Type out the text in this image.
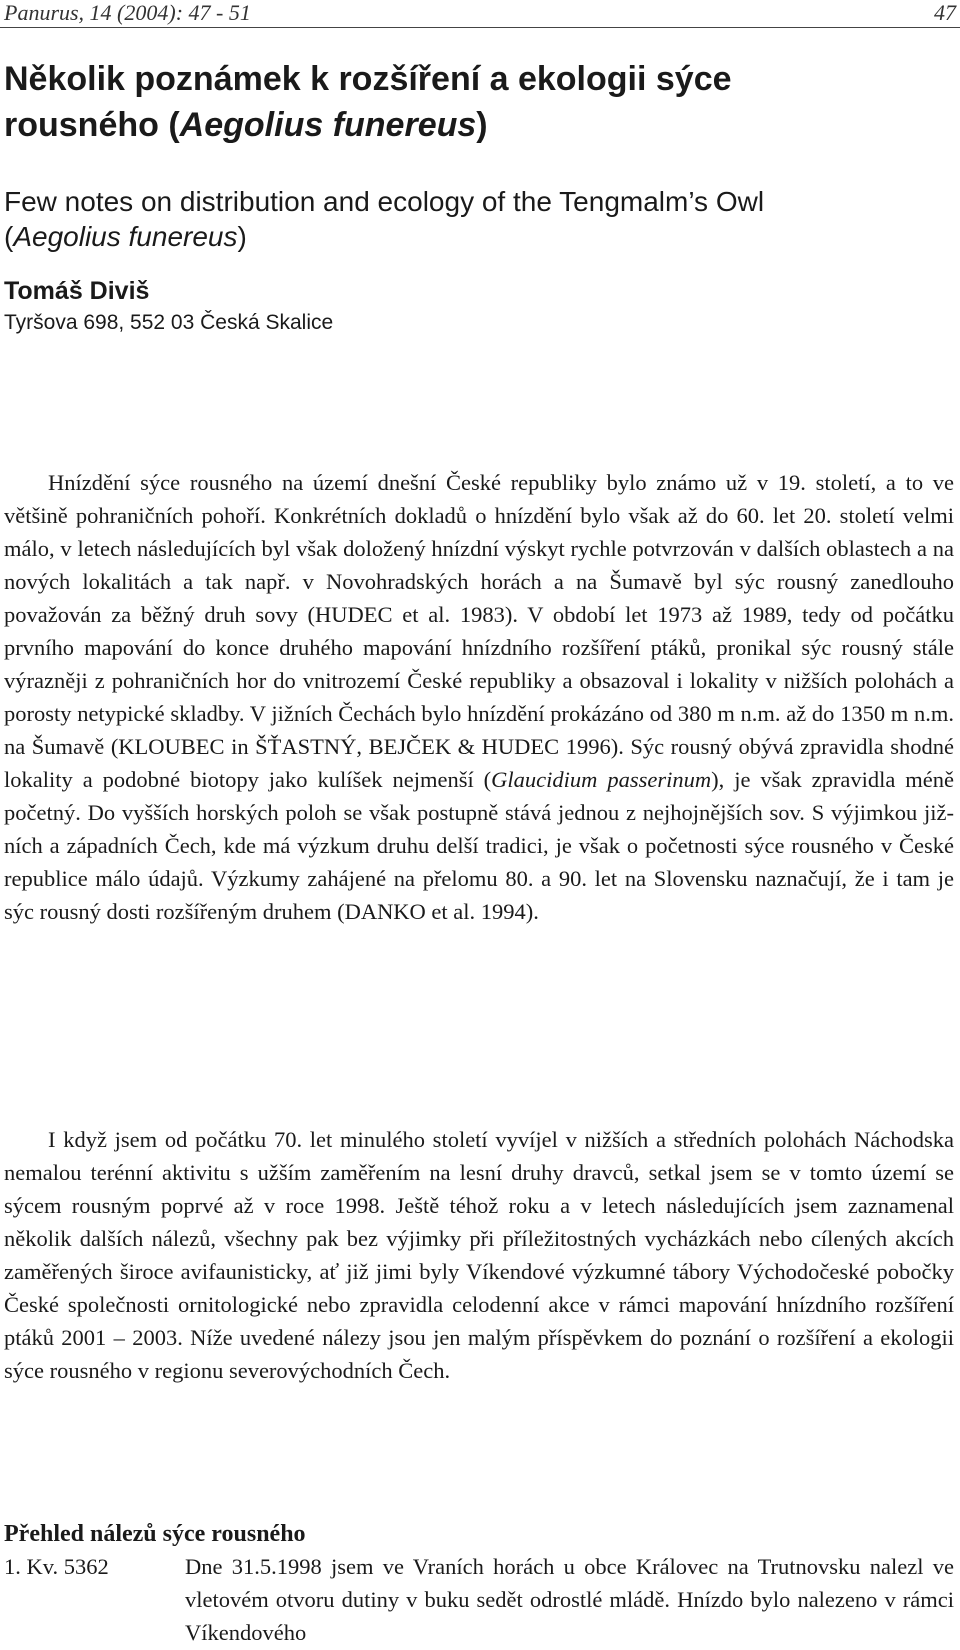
Panurus, 14 (2004): 47 - 51	47
Několik poznámek k rozšíření a ekologii sýce
rousného (Aegolius funereus)
Few notes on distribution and ecology of the Tengmalm’s Owl
(Aegolius funereus)
Tomáš Diviš
Tyršova 698, 552 03 Česká Skalice

Hnízdění sýce rousného na území dnešní České republiky bylo známo už v 19. století, a to ve většině pohraničních pohoří. Konkrétních dokladů o hnízdění bylo však až do 60. let 20. století velmi málo, v letech následujících byl však doložený hnízdní výskyt rychle potvrzován v dalších oblastech a na nových lokalitách a tak např. v Novohradských horách a na Šumavě byl sýc rousný zanedlouho považován za běžný druh sovy (HUDEC et al. 1983). V období let 1973 až 1989, tedy od počátku prvního mapování do konce druhého mapování hnízdního rozšíření ptáků, pronikal sýc rousný stále výrazněji z pohraničních hor do vnitrozemí České republiky a obsazoval i lokality v nižších polohách a porosty netypické skladby. V jižních Čechách bylo hnízdění prokázáno od 380 m n.m. až do 1350 m n.m. na Šumavě (KLOUBEC in ŠŤASTNÝ, BEJČEK & HUDEC 1996). Sýc rousný obývá zpravidla shodné lokality a podobné biotopy jako kulíšek nejmenší (Glaucidium passerinum), je však zpravidla méně početný. Do vyšších horských poloh se však postupně stává jednou z nejhojnějších sov. S výjimkou jižních a západních Čech, kde má výzkum druhu delší tradici, je však o početnosti sýce rousného v České republice málo údajů. Výzkumy zahájené na přelomu 80. a 90. let na Slovensku naznačují, že i tam je sýc rousný dosti rozšířeným druhem (DANKO et al. 1994).

I když jsem od počátku 70. let minulého století vyvíjel v nižších a středních polohách Náchodska nemalou terénní aktivitu s užším zaměřením na lesní druhy dravců, setkal jsem se v tomto území se sýcem rousným poprvé až v roce 1998. Ještě téhož roku a v letech následujících jsem zaznamenal několik dalších nálezů, všechny pak bez výjimky při příležitostných vycházkách nebo cílených akcích zaměřených široce avifaunisticky, ať již jimi byly Víkendové výzkumné tábory Východočeské pobočky České společnosti ornitologické nebo zpravidla celodenní akce v rámci mapování hnízdního rozšíření ptáků 2001 – 2003. Níže uvedené nálezy jsou jen malým příspěvkem do poznání o rozšíření a ekologii sýce rousného v regionu severovýchodních Čech.

Přehled nálezů sýce rousného
1. Kv. 5362	Dne 31.5.1998 jsem ve Vraních horách u obce Královec na Trutnovsku nalezl ve vletovém otvoru dutiny v buku sedět odrostlé mládě. Hnízdo bylo nalezeno v rámci Víkendového
